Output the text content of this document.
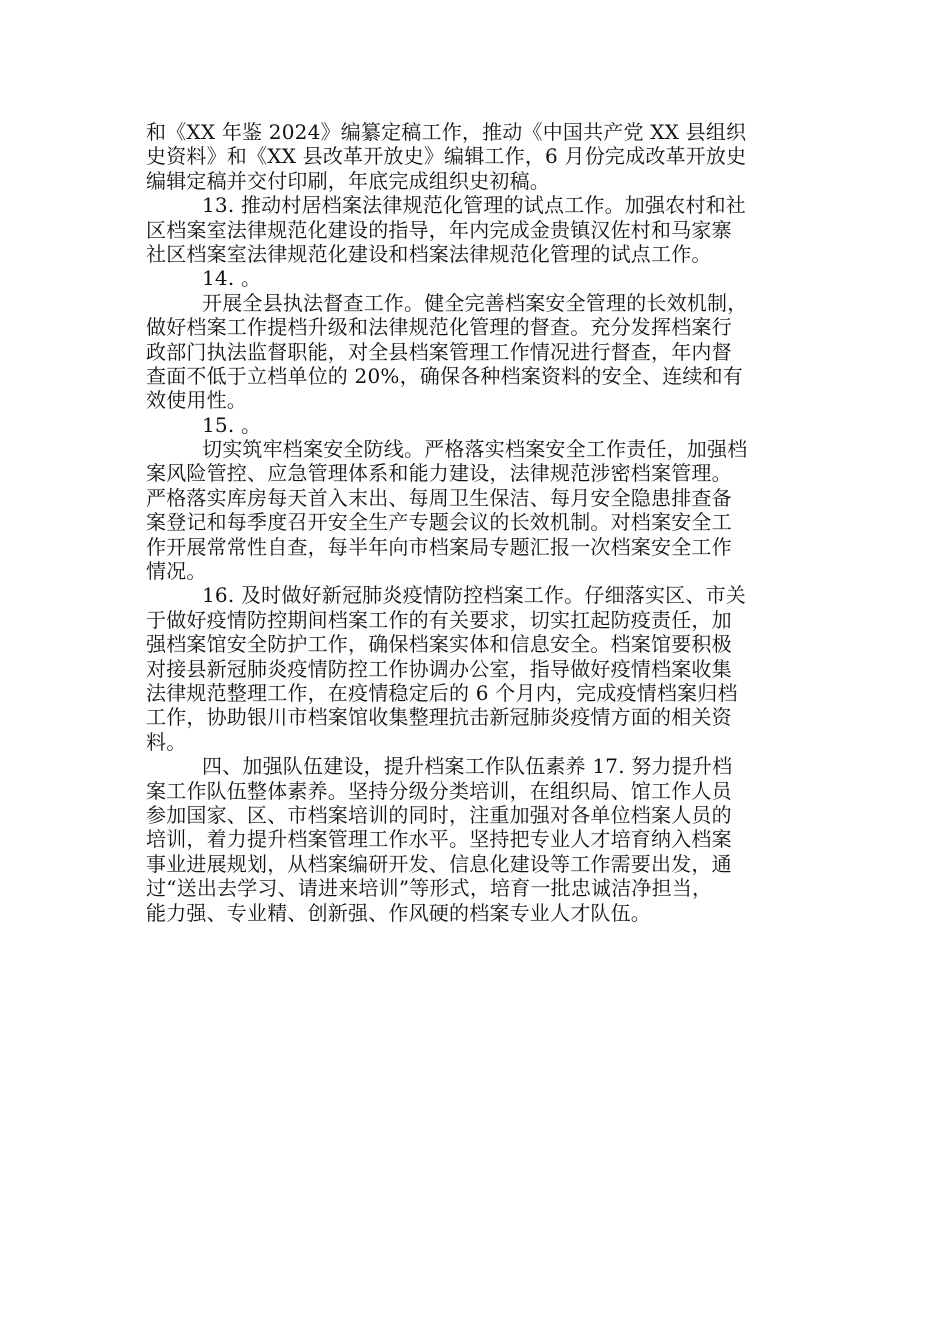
和《XX 年鉴 2024》编纂定稿工作，推动《中国共产党 XX 县组织
史资料》和《XX 县改革开放史》编辑工作，6 月份完成改革开放史
编辑定稿并交付印刷，年底完成组织史初稿。
13. 推动村居档案法律规范化管理的试点工作。加强农村和社
区档案室法律规范化建设的指导，年内完成金贵镇汉佐村和马家寨
社区档案室法律规范化建设和档案法律规范化管理的试点工作。
14. 。
开展全县执法督查工作。健全完善档案安全管理的长效机制，
做好档案工作提档升级和法律规范化管理的督查。充分发挥档案行
政部门执法监督职能，对全县档案管理工作情况进行督查，年内督
查面不低于立档单位的 20%，确保各种档案资料的安全、连续和有
效使用性。
15. 。
切实筑牢档案安全防线。严格落实档案安全工作责任，加强档
案风险管控、应急管理体系和能力建设，法律规范涉密档案管理。
严格落实库房每天首入末出、每周卫生保洁、每月安全隐患排查备
案登记和每季度召开安全生产专题会议的长效机制。对档案安全工
作开展常常性自查，每半年向市档案局专题汇报一次档案安全工作
情况。
16. 及时做好新冠肺炎疫情防控档案工作。仔细落实区、市关
于做好疫情防控期间档案工作的有关要求，切实扛起防疫责任，加
强档案馆安全防护工作，确保档案实体和信息安全。档案馆要积极
对接县新冠肺炎疫情防控工作协调办公室，指导做好疫情档案收集
法律规范整理工作，在疫情稳定后的 6 个月内，完成疫情档案归档
工作，协助银川市档案馆收集整理抗击新冠肺炎疫情方面的相关资
料。
四、加强队伍建设，提升档案工作队伍素养 17. 努力提升档
案工作队伍整体素养。坚持分级分类培训，在组织局、馆工作人员
参加国家、区、市档案培训的同时，注重加强对各单位档案人员的
培训，着力提升档案管理工作水平。坚持把专业人才培育纳入档案
事业进展规划，从档案编研开发、信息化建设等工作需要出发，通
过“送出去学习、请进来培训”等形式，培育一批忠诚洁净担当，
能力强、专业精、创新强、作风硬的档案专业人才队伍。
